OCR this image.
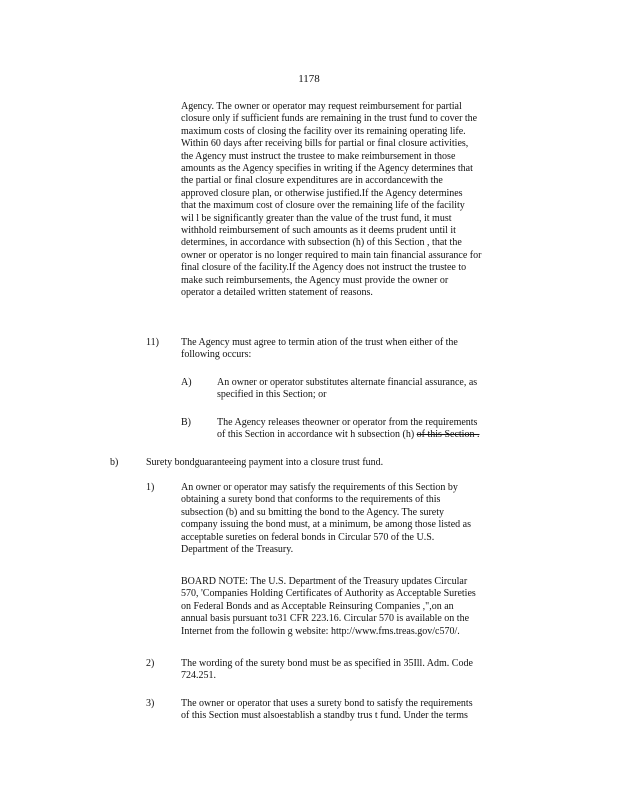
1178
Agency. The owner or operator may request reimbursement for partial
closure only if sufficient funds are remaining in the trust fund to cover the
maximum costs of closing the facility over its remaining operating life.
Within 60 days after receiving bills for partial or final closure activities,
the Agency must instruct the trustee to make reimbursement in those
amounts as the Agency specifies in writing if the Agency determines that
the partial or final closure expenditures are in accordancewith the
approved closure plan, or otherwise justified.If the Agency determines
that the maximum cost of closure over the remaining life of the facility
wil l be significantly greater than the value of the trust fund, it must
withhold reimbursement of such amounts as it deems prudent until it
determines, in accordance with subsection (h) of this Section , that the
owner or operator is no longer required to main tain financial assurance for
final closure of the facility.If the Agency does not instruct the trustee to
make such reimbursements, the Agency must provide the owner or
operator a detailed written statement of reasons.
11) The Agency must agree to termin ation of the trust when either of the
following occurs:
A)	An owner or operator substitutes alternate financial assurance, as
specified in this Section; or
B)	The Agency releases theowner or operator from the requirements
of this Section in accordance wit h subsection (h) of this Section .
b)	Surety bondguaranteeing payment into a closure trust fund.
1)	An owner or operator may satisfy the requirements of this Section by
obtaining a surety bond that conforms to the requirements of this
subsection (b) and su bmitting the bond to the Agency. The surety
company issuing the bond must, at a minimum, be among those listed as
acceptable sureties on federal bonds in Circular 570 of the U.S.
Department of the Treasury.
BOARD NOTE: The U.S. Department of the Treasury updates Circular
570, 'Companies Holding Certificates of Authority as Acceptable Sureties
on Federal Bonds and as Acceptable Reinsuring Companies ,",on an
annual basis pursuant to31 CFR 223.16. Circular 570 is available on the
Internet from the followin g website: http://www.fms.treas.gov/c570/.
2)	The wording of the surety bond must be as specified in 35Ill. Adm. Code
724.251.
3)	The owner or operator that uses a surety bond to satisfy the requirements
of this Section must alsoestablish a standby trus t fund. Under the terms
